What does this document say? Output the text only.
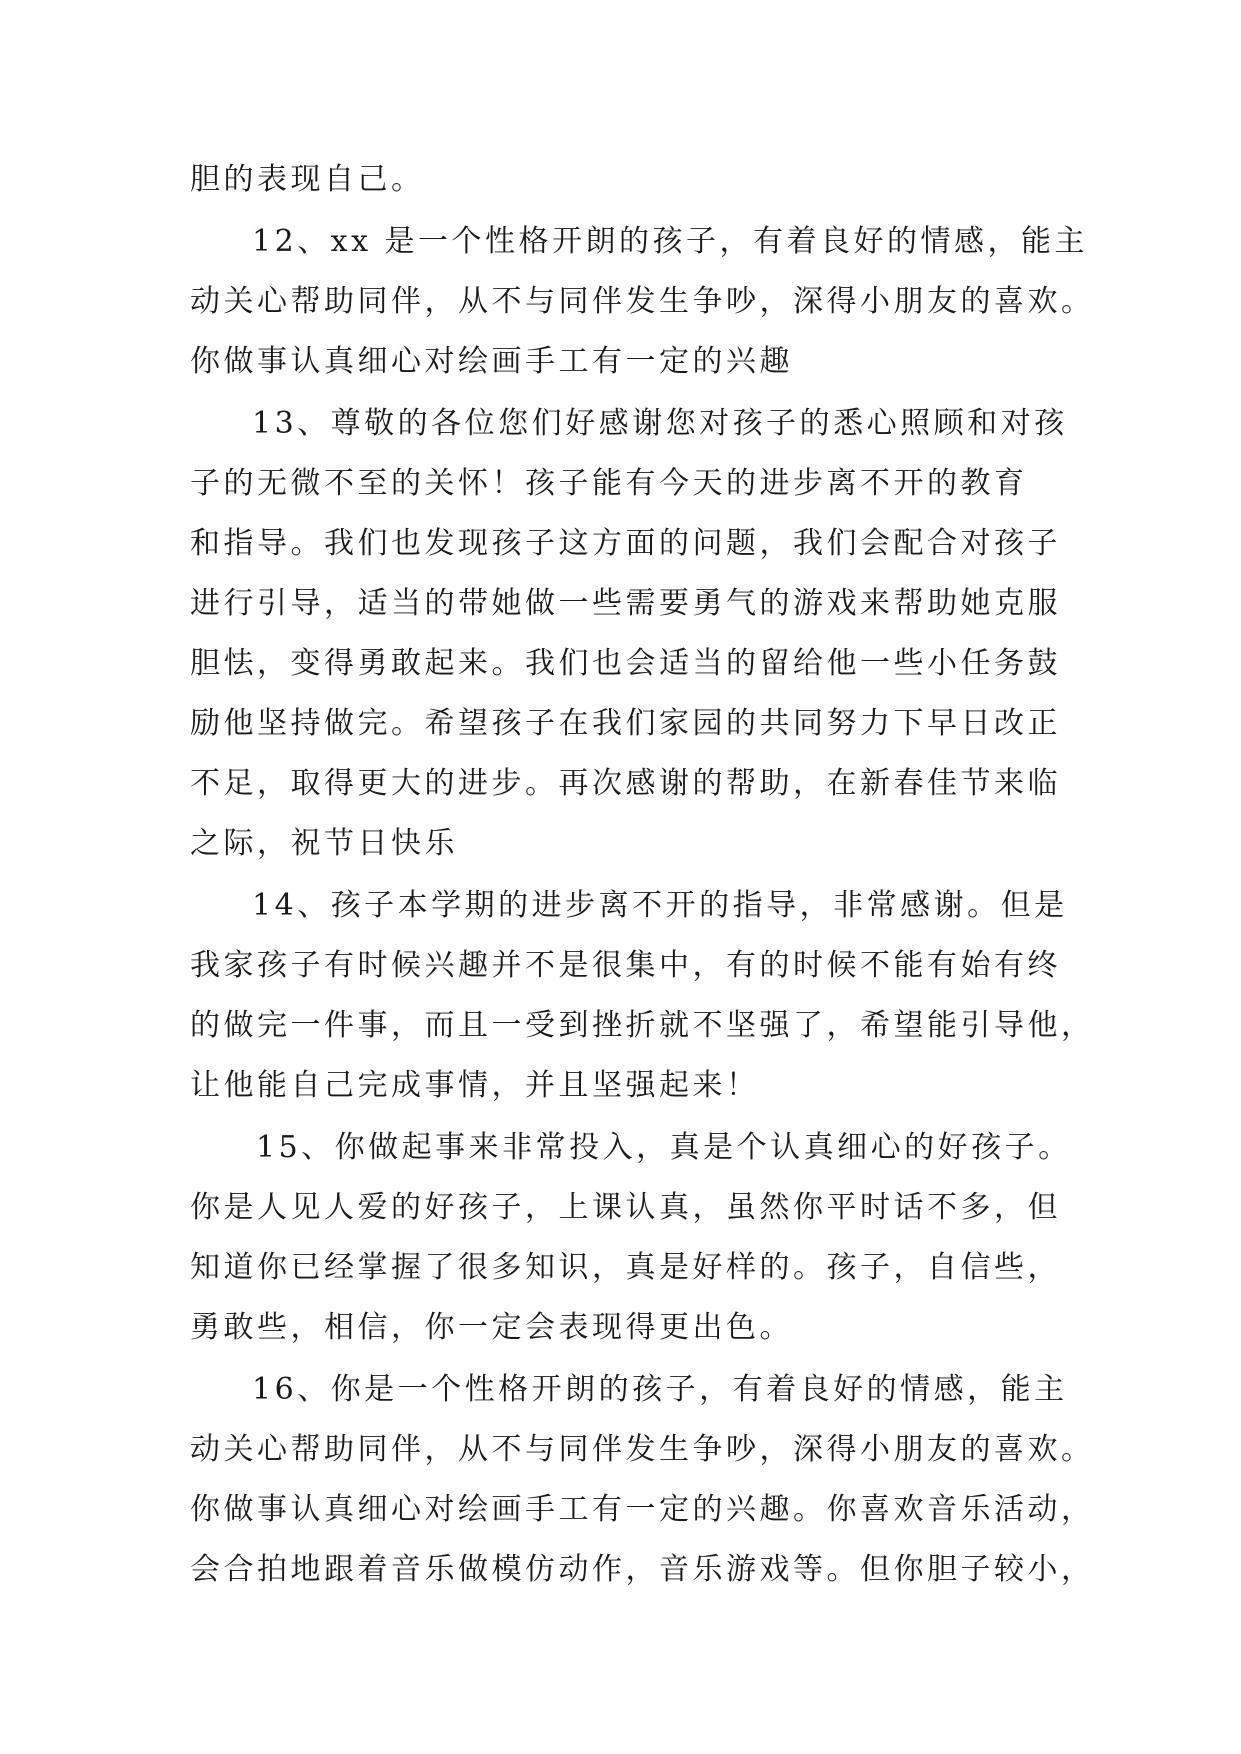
胆的表现自己。
12、xx 是一个性格开朗的孩子，有着良好的情感，能主
动关心帮助同伴，从不与同伴发生争吵，深得小朋友的喜欢。
你做事认真细心对绘画手工有一定的兴趣
13、尊敬的各位您们好感谢您对孩子的悉心照顾和对孩
子的无微不至的关怀！孩子能有今天的进步离不开的教育
和指导。我们也发现孩子这方面的问题，我们会配合对孩子
进行引导，适当的带她做一些需要勇气的游戏来帮助她克服
胆怯，变得勇敢起来。我们也会适当的留给他一些小任务鼓
励他坚持做完。希望孩子在我们家园的共同努力下早日改正
不足，取得更大的进步。再次感谢的帮助，在新春佳节来临
之际，祝节日快乐
14、孩子本学期的进步离不开的指导，非常感谢。但是
我家孩子有时候兴趣并不是很集中，有的时候不能有始有终
的做完一件事，而且一受到挫折就不坚强了，希望能引导他，
让他能自己完成事情，并且坚强起来！
15、你做起事来非常投入，真是个认真细心的好孩子。
你是人见人爱的好孩子，上课认真，虽然你平时话不多，但
知道你已经掌握了很多知识，真是好样的。孩子，自信些，
勇敢些，相信，你一定会表现得更出色。
16、你是一个性格开朗的孩子，有着良好的情感，能主
动关心帮助同伴，从不与同伴发生争吵，深得小朋友的喜欢。
你做事认真细心对绘画手工有一定的兴趣。你喜欢音乐活动，
会合拍地跟着音乐做模仿动作，音乐游戏等。但你胆子较小，
